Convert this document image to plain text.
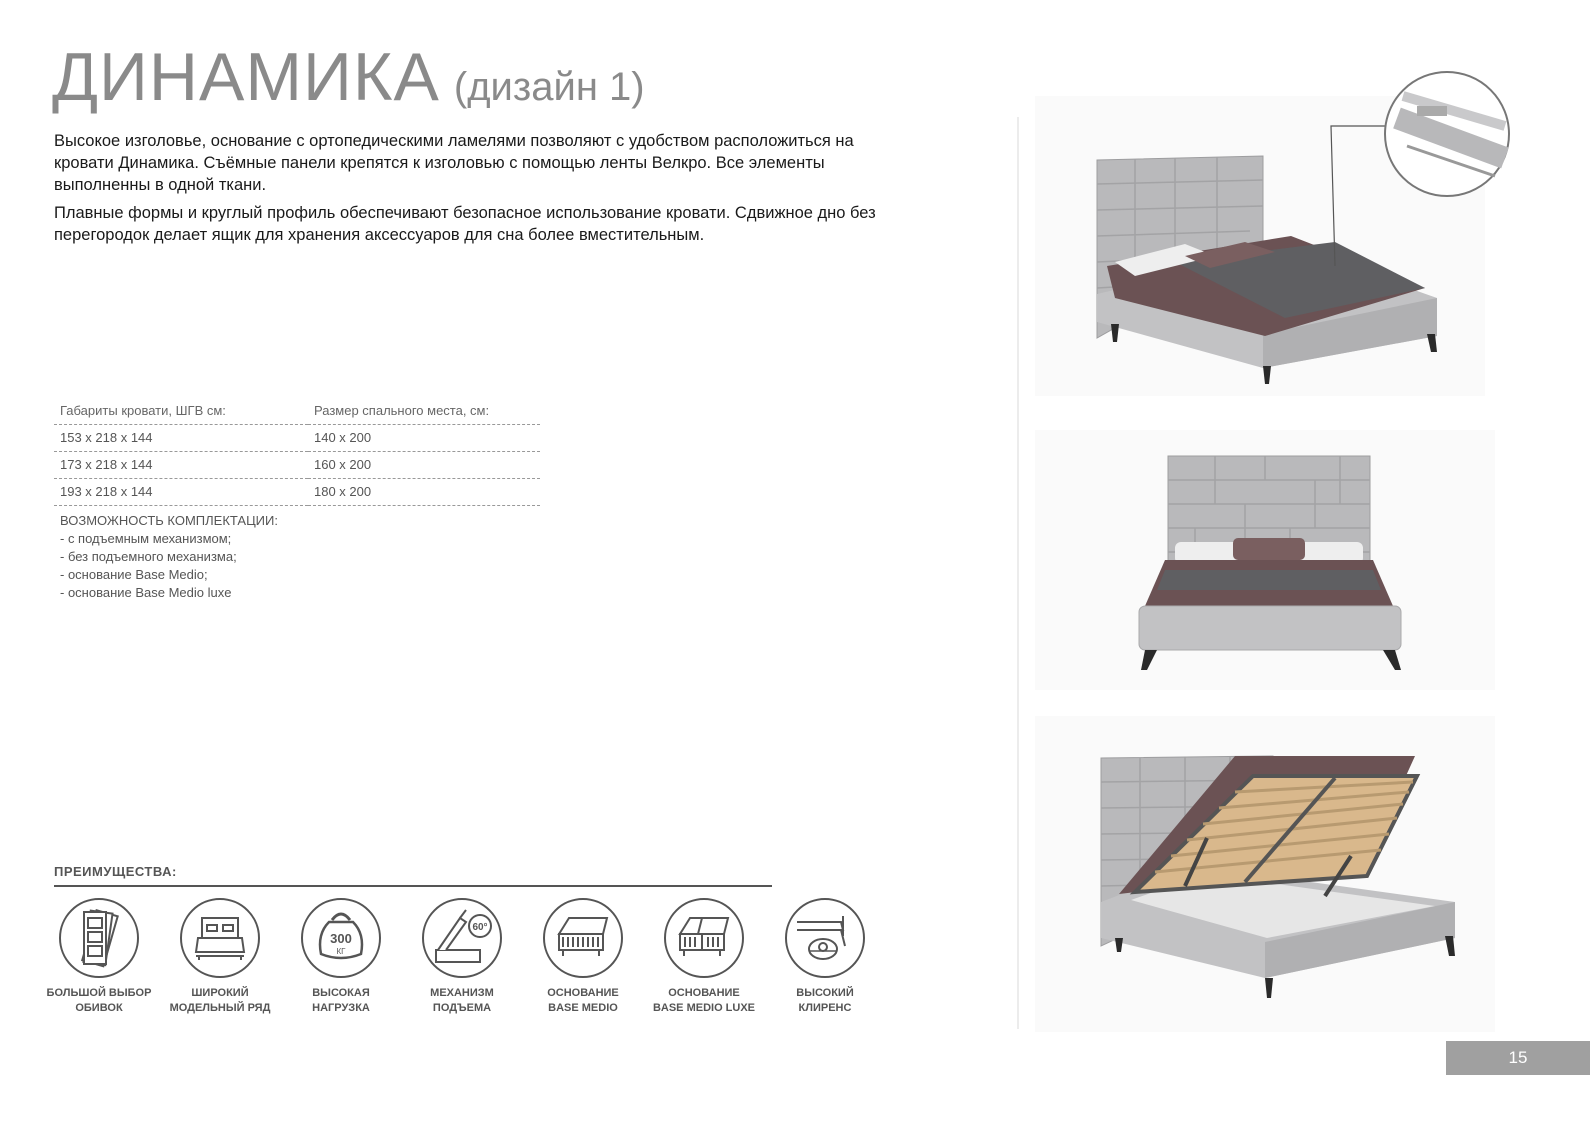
ДИНАМИКА (дизайн 1)

Высокое изголовье, основание с ортопедическими ламелями позволяют с удобством расположиться на кровати Динамика. Съёмные панели крепятся к изголовью с помощью ленты Велкро. Все элементы выполненны в одной ткани.

Плавные формы и круглый профиль обеспечивают безопасное использование кровати. Сдвижное дно без перегородок делает ящик для хранения аксессуаров для сна более вместительным.

Габариты кровати, ШГВ см:	Размер спального места, см:
153 x 218 x 144	140 x 200
173 x 218 x 144	160 x 200
193 x 218 x 144	180 x 200
ВОЗМОЖНОСТЬ КОМПЛЕКТАЦИИ:
- с подъемным механизмом;
- без подъемного механизма;
- основание Base Medio;
- основание Base Medio luxe
ПРЕИМУЩЕСТВА:
БОЛЬШОЙ ВЫБОР
ОБИВОК
ШИРОКИЙ
МОДЕЛЬНЫЙ РЯД
300
КГ
ВЫСОКАЯ
НАГРУЗКА
60°
МЕХАНИЗМ
ПОДЪЕМА
ОСНОВАНИЕ
BASE MEDIO
ОСНОВАНИЕ
BASE MEDIO LUXE
ВЫСОКИЙ
КЛИРЕНС
15
